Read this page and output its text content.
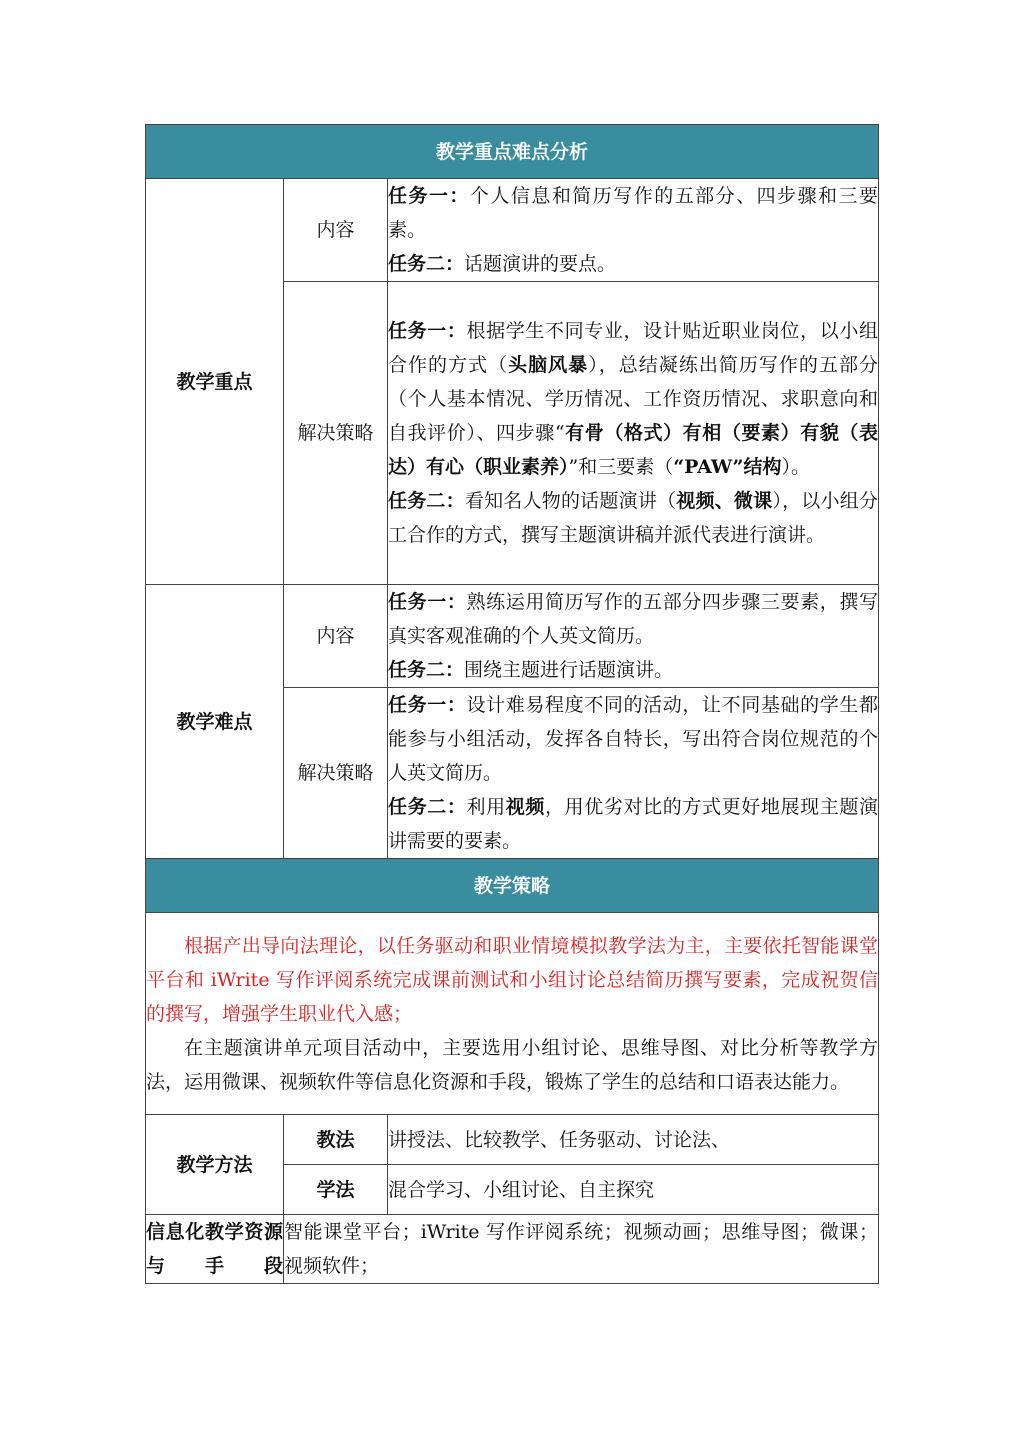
教学重点难点分析		
教学重点	内容	任务一：个人信息和简历写作的五部分、四步骤和三要素。

任务二：话题演讲的要点。

	解决策略	任务一：根据学生不同专业，设计贴近职业岗位，以小组合作的方式（头脑风暴），总结凝练出简历写作的五部分（个人基本情况、学历情况、工作资历情况、求职意向和自我评价）、四步骤“有骨（格式）有相（要素）有貌（表达）有心（职业素养）”和三要素（“PAW”结构）。

任务二：看知名人物的话题演讲（视频、微课），以小组分工合作的方式，撰写主题演讲稿并派代表进行演讲。

教学难点	内容	任务一：熟练运用简历写作的五部分四步骤三要素，撰写真实客观准确的个人英文简历。

任务二：围绕主题进行话题演讲。

	解决策略	任务一：设计难易程度不同的活动，让不同基础的学生都能参与小组活动，发挥各自特长，写出符合岗位规范的个人英文简历。

任务二：利用视频，用优劣对比的方式更好地展现主题演讲需要的要素。

教学策略		

根据产出导向法理论，以任务驱动和职业情境模拟教学法为主，主要依托智能课堂平台和 iWrite 写作评阅系统完成课前测试和小组讨论总结简历撰写要素，完成祝贺信的撰写，增强学生职业代入感；

在主题演讲单元项目活动中，主要选用小组讨论、思维导图、对比分析等教学方法，运用微课、视频软件等信息化资源和手段，锻炼了学生的总结和口语表达能力。		

教学方法	教法	讲授法、比较教学、任务驱动、讨论法、
	学法	混合学习、小组讨论、自主探究
信息化教学资源与手段	智能课堂平台；iWrite 写作评阅系统；视频动画；思维导图；微课；视频软件；	
